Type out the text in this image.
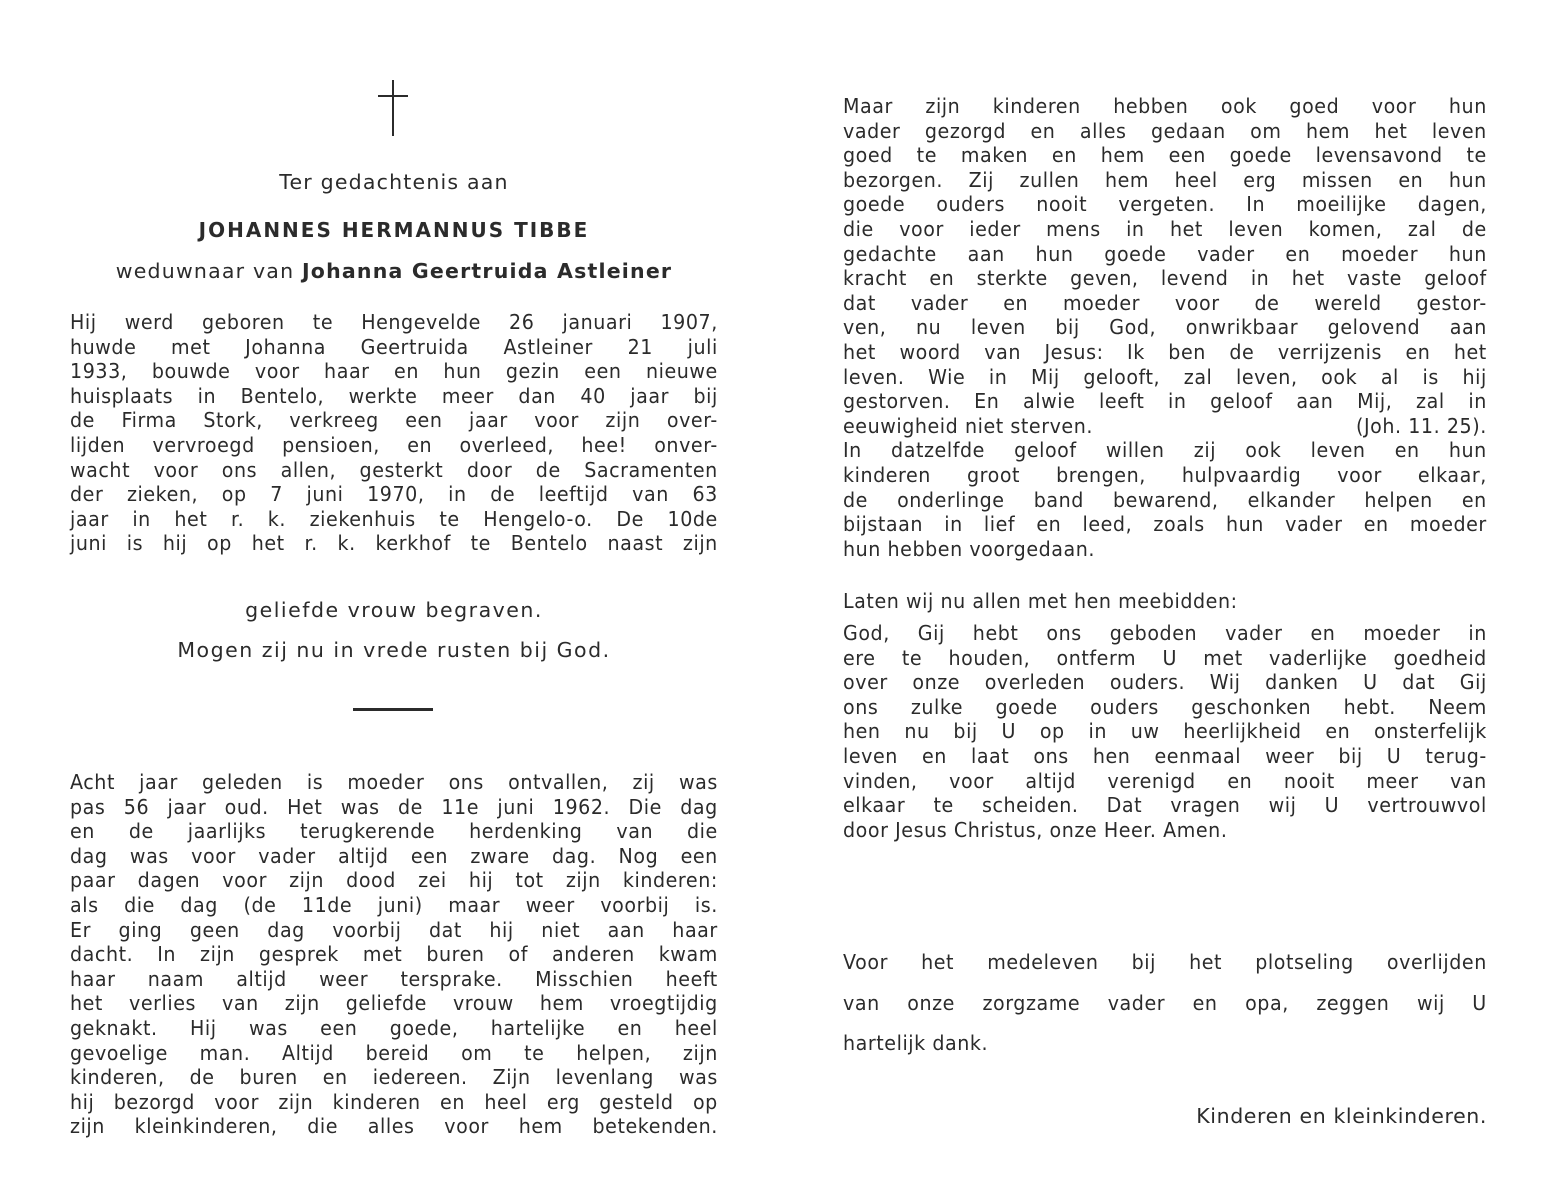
Ter gedachtenis aan
JOHANNES HERMANNUS TIBBE
weduwnaar van Johanna Geertruida Astleiner
Hij werd geboren te Hengevelde 26 januari 1907,
huwde met Johanna Geertruida Astleiner 21 juli
1933, bouwde voor haar en hun gezin een nieuwe
huisplaats in Bentelo, werkte meer dan 40 jaar bij
de Firma Stork, verkreeg een jaar voor zijn over-
lijden vervroegd pensioen, en overleed, hee! onver-
wacht voor ons allen, gesterkt door de Sacramenten
der zieken, op 7 juni 1970, in de leeftijd van 63
jaar in het r. k. ziekenhuis te Hengelo-o. De 10de
juni is hij op het r. k. kerkhof te Bentelo naast zijn
geliefde vrouw begraven.
Mogen zij nu in vrede rusten bij God.
Acht jaar geleden is moeder ons ontvallen, zij was
pas 56 jaar oud. Het was de 11e juni 1962. Die dag
en de jaarlijks terugkerende herdenking van die
dag was voor vader altijd een zware dag. Nog een
paar dagen voor zijn dood zei hij tot zijn kinderen:
als die dag (de 11de juni) maar weer voorbij is.
Er ging geen dag voorbij dat hij niet aan haar
dacht. In zijn gesprek met buren of anderen kwam
haar naam altijd weer tersprake. Misschien heeft
het verlies van zijn geliefde vrouw hem vroegtijdig
geknakt. Hij was een goede, hartelijke en heel
gevoelige man. Altijd bereid om te helpen, zijn
kinderen, de buren en iedereen. Zijn levenlang was
hij bezorgd voor zijn kinderen en heel erg gesteld op
zijn kleinkinderen, die alles voor hem betekenden.
Maar zijn kinderen hebben ook goed voor hun
vader gezorgd en alles gedaan om hem het leven
goed te maken en hem een goede levensavond te
bezorgen. Zij zullen hem heel erg missen en hun
goede ouders nooit vergeten. In moeilijke dagen,
die voor ieder mens in het leven komen, zal de
gedachte aan hun goede vader en moeder hun
kracht en sterkte geven, levend in het vaste geloof
dat vader en moeder voor de wereld gestor-
ven, nu leven bij God, onwrikbaar gelovend aan
het woord van Jesus: Ik ben de verrijzenis en het
leven. Wie in Mij gelooft, zal leven, ook al is hij
gestorven. En alwie leeft in geloof aan Mij, zal in
eeuwigheid niet sterven.	(Joh. 11. 25).
In datzelfde geloof willen zij ook leven en hun
kinderen groot brengen, hulpvaardig voor elkaar,
de onderlinge band bewarend, elkander helpen en
bijstaan in lief en leed, zoals hun vader en moeder
hun hebben voorgedaan.
Laten wij nu allen met hen meebidden:
God, Gij hebt ons geboden vader en moeder in
ere te houden, ontferm U met vaderlijke goedheid
over onze overleden ouders. Wij danken U dat Gij
ons zulke goede ouders geschonken hebt. Neem
hen nu bij U op in uw heerlijkheid en onsterfelijk
leven en laat ons hen eenmaal weer bij U terug-
vinden, voor altijd verenigd en nooit meer van
elkaar te scheiden. Dat vragen wij U vertrouwvol
door Jesus Christus, onze Heer. Amen.
Voor het medeleven bij het plotseling overlijden
van onze zorgzame vader en opa, zeggen wij U
hartelijk dank.
Kinderen en kleinkinderen.
